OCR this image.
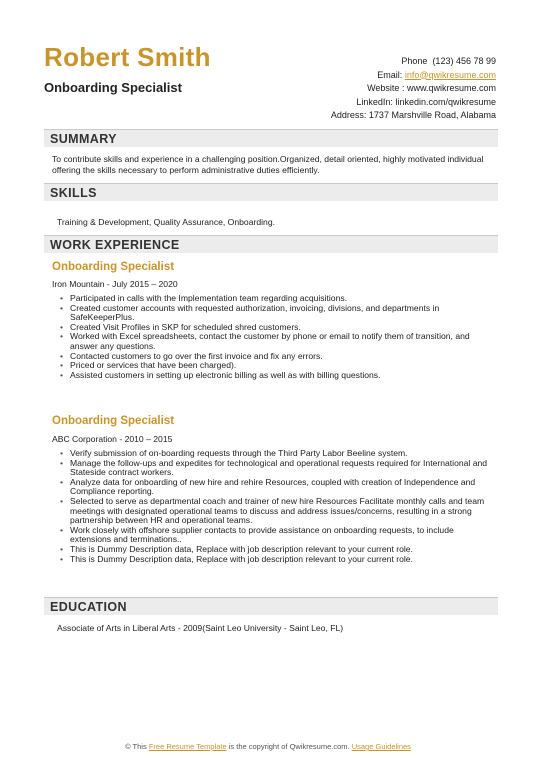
Robert Smith
Onboarding Specialist
Phone (123) 456 78 99
Email: info@qwikresume.com
Website : www.qwikresume.com
LinkedIn: linkedin.com/qwikresume
Address: 1737 Marshville Road, Alabama
SUMMARY
To contribute skills and experience in a challenging position.Organized, detail oriented, highly motivated individual offering the skills necessary to perform administrative duties efficiently.
SKILLS
Training & Development, Quality Assurance, Onboarding.
WORK EXPERIENCE
Onboarding Specialist
Iron Mountain - July 2015 – 2020
• Participated in calls with the Implementation team regarding acquisitions.
• Created customer accounts with requested authorization, invoicing, divisions, and departments in SafeKeeperPlus.
• Created Visit Profiles in SKP for scheduled shred customers.
• Worked with Excel spreadsheets, contact the customer by phone or email to notify them of transition, and answer any questions.
• Contacted customers to go over the first invoice and fix any errors.
• Priced or services that have been charged).
• Assisted customers in setting up electronic billing as well as with billing questions.
Onboarding Specialist
ABC Corporation - 2010 – 2015
• Verify submission of on-boarding requests through the Third Party Labor Beeline system.
• Manage the follow-ups and expedites for technological and operational requests required for International and Stateside contract workers.
• Analyze data for onboarding of new hire and rehire Resources, coupled with creation of Independence and Compliance reporting.
• Selected to serve as departmental coach and trainer of new hire Resources Facilitate monthly calls and team meetings with designated operational teams to discuss and address issues/concerns, resulting in a strong partnership between HR and operational teams.
• Work closely with offshore supplier contacts to provide assistance on onboarding requests, to include extensions and terminations..
• This is Dummy Description data, Replace with job description relevant to your current role.
• This is Dummy Description data, Replace with job description relevant to your current role.
EDUCATION
Associate of Arts in Liberal Arts - 2009(Saint Leo University - Saint Leo, FL)
© This Free Resume Template is the copyright of Qwikresume.com. Usage Guidelines
